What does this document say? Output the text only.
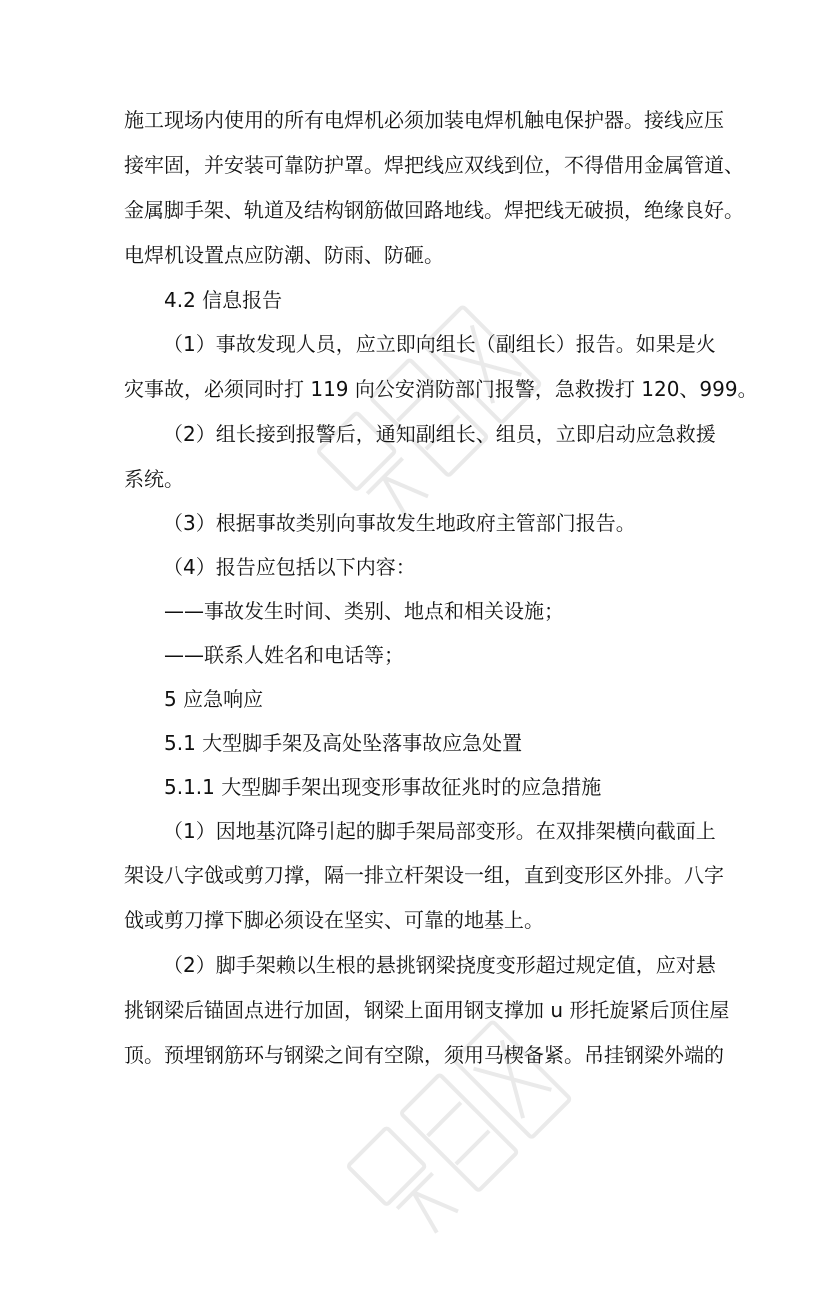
施工现场内使用的所有电焊机必须加装电焊机触电保护器。接线应压
接牢固，并安装可靠防护罩。焊把线应双线到位，不得借用金属管道、
金属脚手架、轨道及结构钢筋做回路地线。焊把线无破损，绝缘良好。
电焊机设置点应防潮、防雨、防砸。
4.2 信息报告
（1）事故发现人员，应立即向组长（副组长）报告。如果是火
灾事故，必须同时打 119 向公安消防部门报警，急救拨打 120、999。
（2）组长接到报警后，通知副组长、组员，立即启动应急救援
系统。
（3）根据事故类别向事故发生地政府主管部门报告。
（4）报告应包括以下内容：
——事故发生时间、类别、地点和相关设施；
——联系人姓名和电话等；
5 应急响应
5.1 大型脚手架及高处坠落事故应急处置
5.1.1 大型脚手架出现变形事故征兆时的应急措施
（1）因地基沉降引起的脚手架局部变形。在双排架横向截面上
架设八字戗或剪刀撑，隔一排立杆架设一组，直到变形区外排。八字
戗或剪刀撑下脚必须设在坚实、可靠的地基上。
（2）脚手架赖以生根的悬挑钢梁挠度变形超过规定值，应对悬
挑钢梁后锚固点进行加固，钢梁上面用钢支撑加 u 形托旋紧后顶住屋
顶。预埋钢筋环与钢梁之间有空隙，须用马楔备紧。吊挂钢梁外端的
